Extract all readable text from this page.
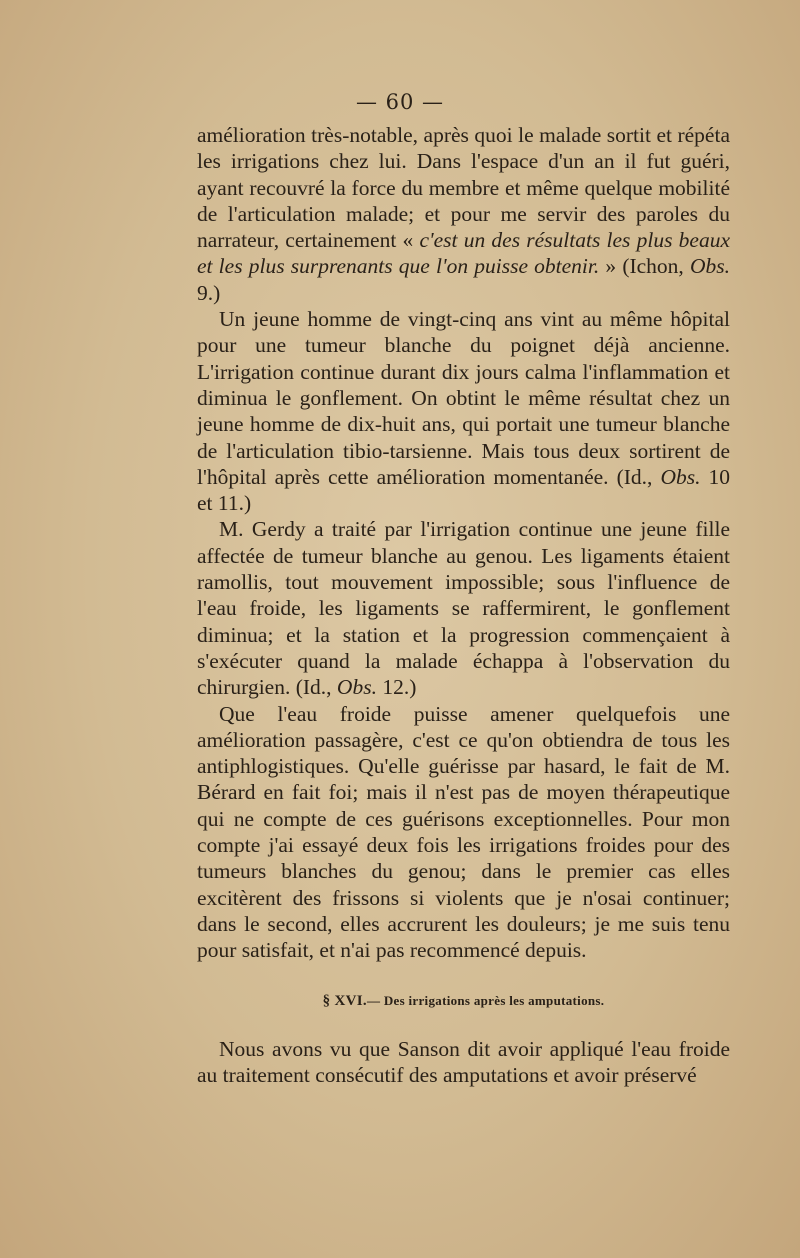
— 60 —

amélioration très-notable, après quoi le malade sortit et répéta les irrigations chez lui. Dans l'espace d'un an il fut guéri, ayant recouvré la force du membre et même quelque mobilité de l'articulation malade; et pour me servir des paroles du narrateur, certainement « c'est un des résultats les plus beaux et les plus surprenants que l'on puisse obtenir. » (Ichon, Obs. 9.)

Un jeune homme de vingt-cinq ans vint au même hôpital pour une tumeur blanche du poignet déjà ancienne. L'irrigation continue durant dix jours calma l'inflammation et diminua le gonflement. On obtint le même résultat chez un jeune homme de dix-huit ans, qui portait une tumeur blanche de l'articulation tibio-tarsienne. Mais tous deux sortirent de l'hôpital après cette amélioration momentanée. (Id., Obs. 10 et 11.)

M. Gerdy a traité par l'irrigation continue une jeune fille affectée de tumeur blanche au genou. Les ligaments étaient ramollis, tout mouvement impossible; sous l'influence de l'eau froide, les ligaments se raffermirent, le gonflement diminua; et la station et la progression commençaient à s'exécuter quand la malade échappa à l'observation du chirurgien. (Id., Obs. 12.)

Que l'eau froide puisse amener quelquefois une amélioration passagère, c'est ce qu'on obtiendra de tous les antiphlogistiques. Qu'elle guérisse par hasard, le fait de M. Bérard en fait foi; mais il n'est pas de moyen thérapeutique qui ne compte de ces guérisons exceptionnelles. Pour mon compte j'ai essayé deux fois les irrigations froides pour des tumeurs blanches du genou; dans le premier cas elles excitèrent des frissons si violents que je n'osai continuer; dans le second, elles accrurent les douleurs; je me suis tenu pour satisfait, et n'ai pas recommencé depuis.

§ XVI.— Des irrigations après les amputations.

Nous avons vu que Sanson dit avoir appliqué l'eau froide au traitement consécutif des amputations et avoir préservé
